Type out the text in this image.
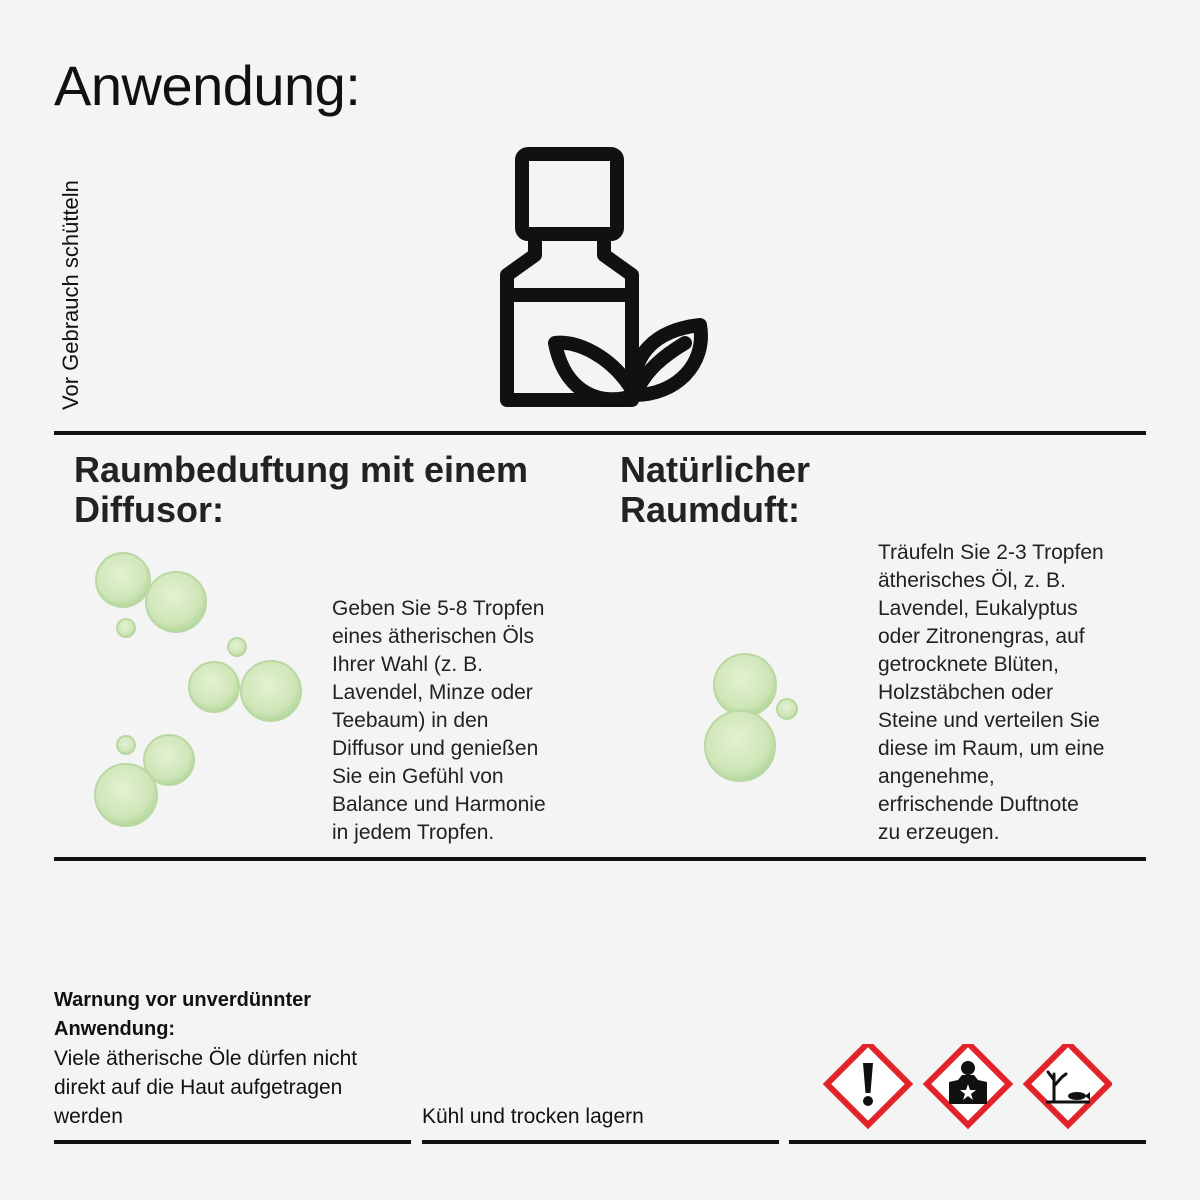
Anwendung:
Vor Gebrauch schütteln

Raumbeduftung mit einem

Diffusor:

Geben Sie 5-8 Tropfen

eines ätherischen Öls

Ihrer Wahl (z. B.

Lavendel, Minze oder

Teebaum) in den

Diffusor und genießen

Sie ein Gefühl von

Balance und Harmonie

in jedem Tropfen.

Natürlicher

Raumduft:

Träufeln Sie 2-3 Tropfen

ätherisches Öl, z. B.

Lavendel, Eukalyptus

oder Zitronengras, auf

getrocknete Blüten,

Holzstäbchen oder

Steine und verteilen Sie

diese im Raum, um eine

angenehme,

erfrischende Duftnote

zu erzeugen.

Warnung vor unverdünnter

Anwendung:

Viele ätherische Öle dürfen nicht

direkt auf die Haut aufgetragen

werden	Kühl und trocken lagern
